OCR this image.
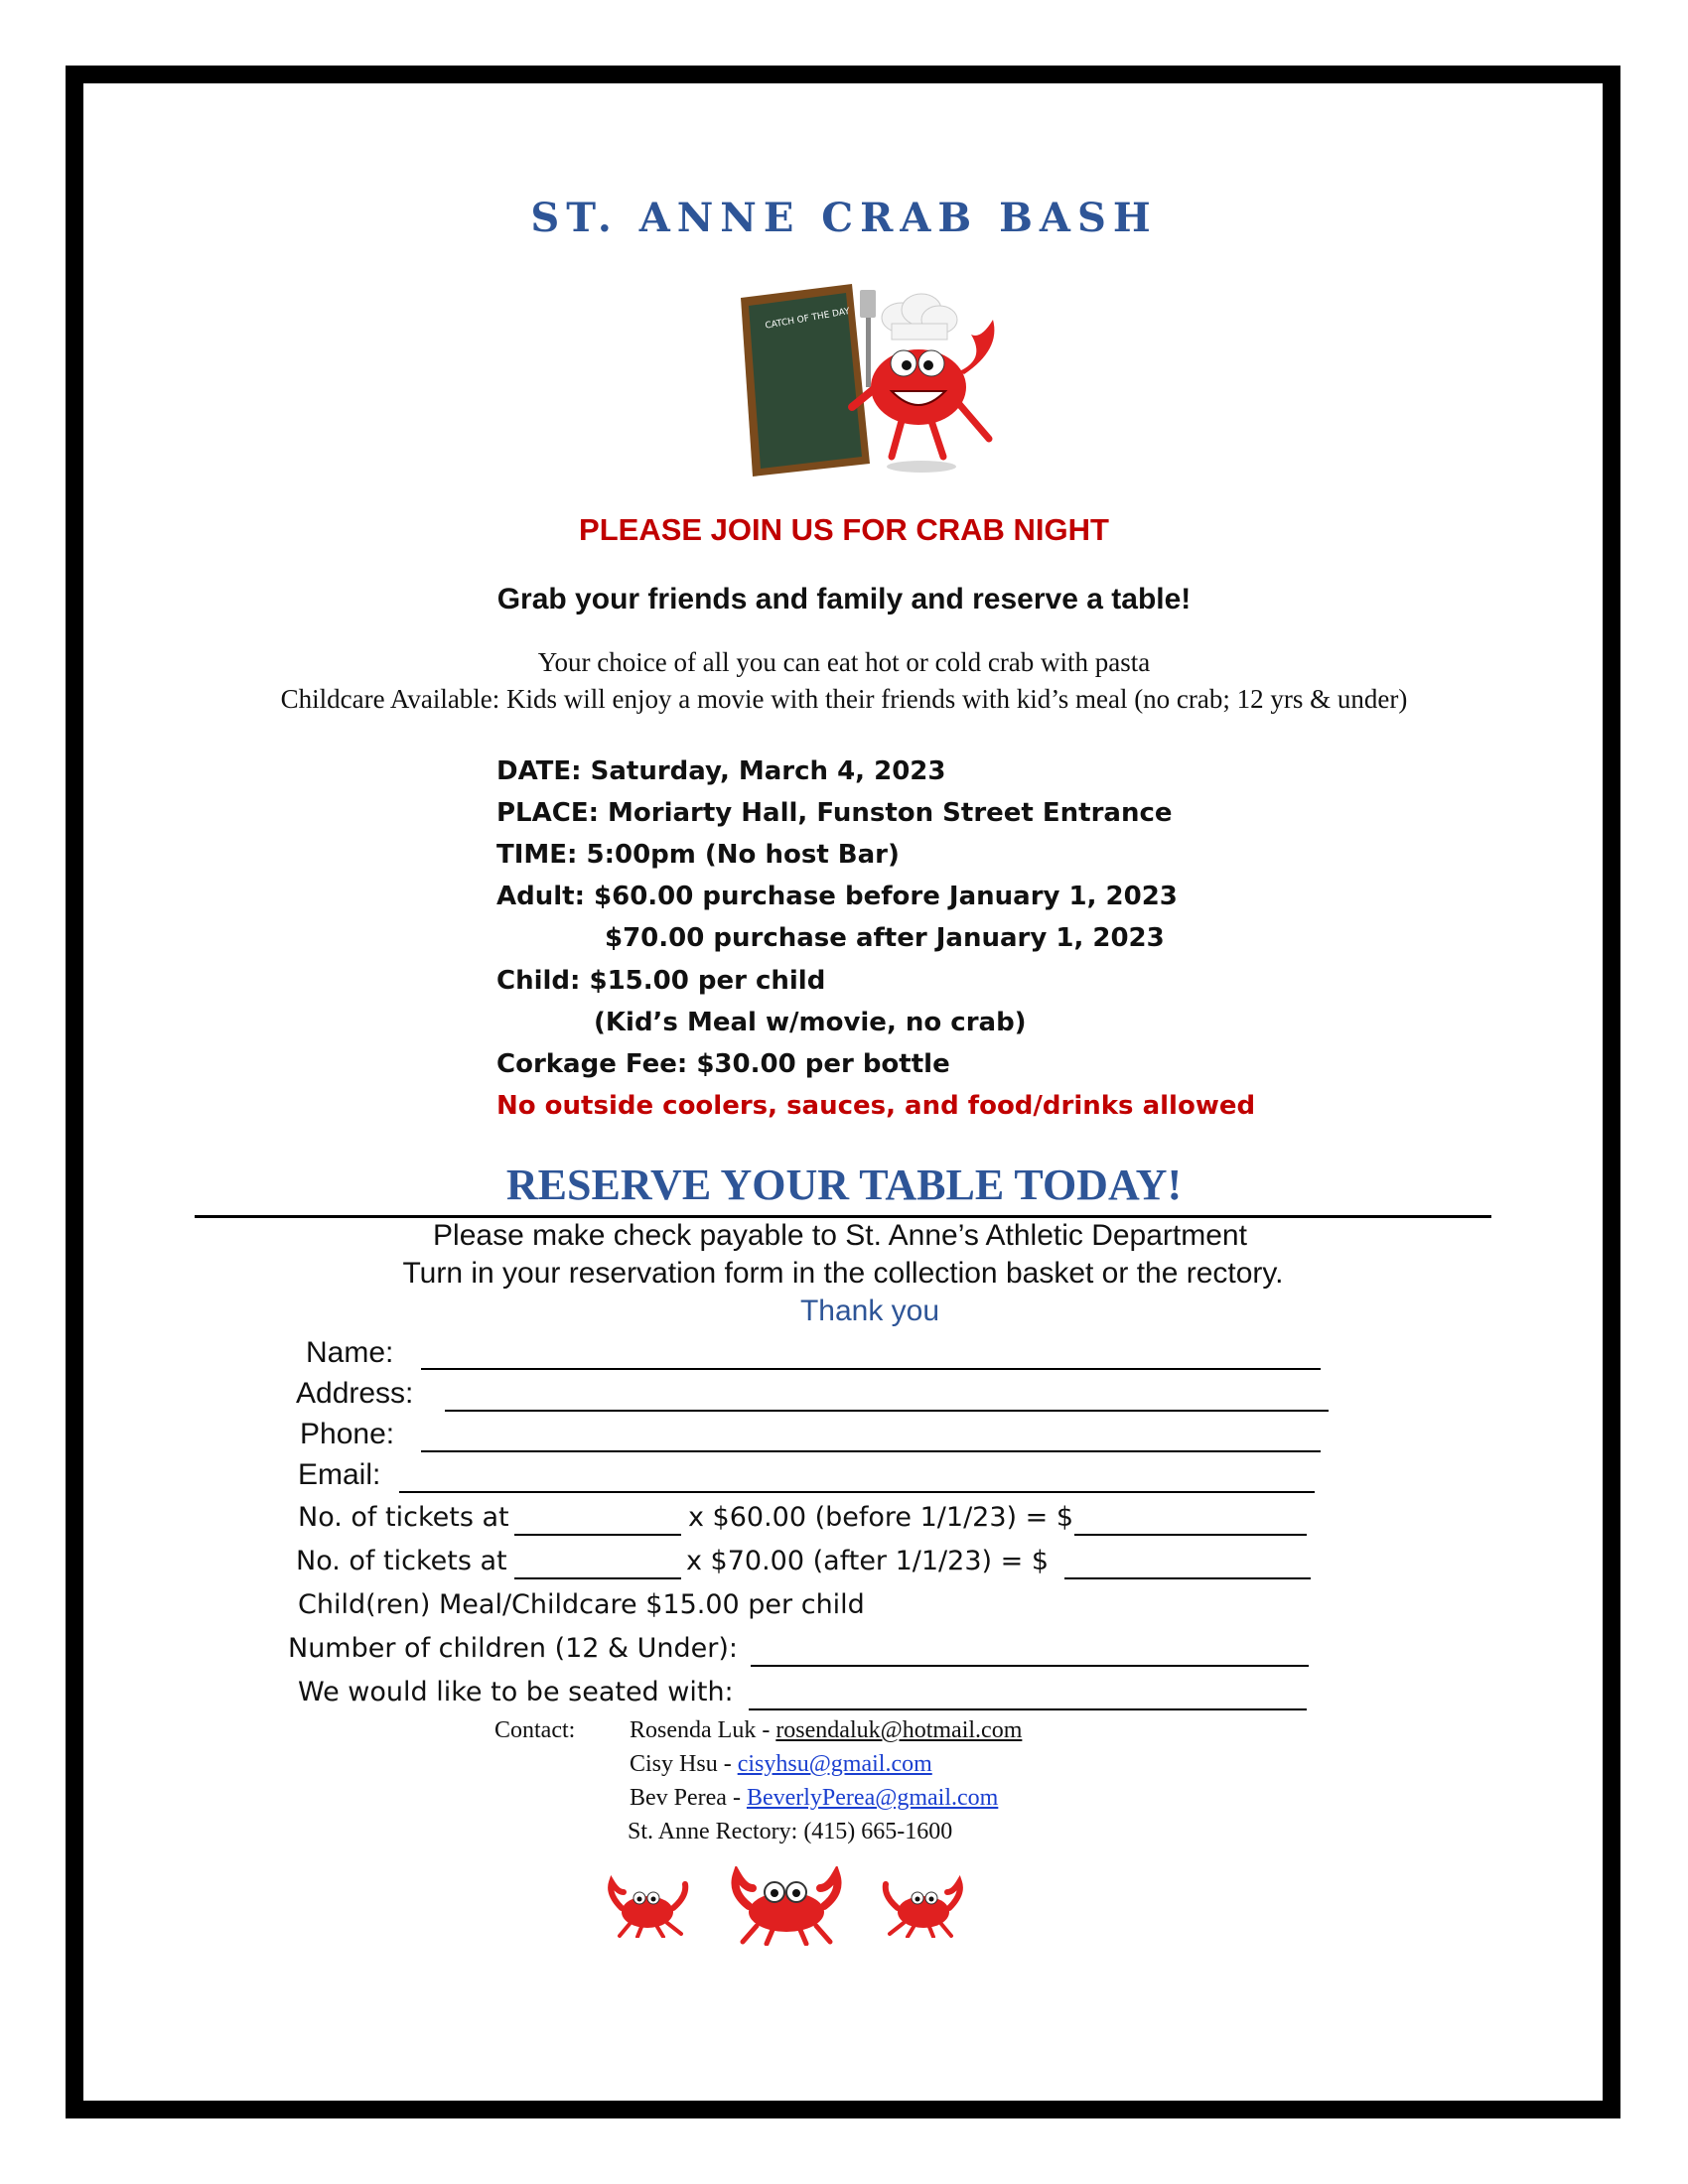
ST. ANNE CRAB BASH
CATCH OF THE DAY
PLEASE JOIN US FOR CRAB NIGHT
Grab your friends and family and reserve a table!
Your choice of all you can eat hot or cold crab with pasta
Childcare Available: Kids will enjoy a movie with their friends with kid’s meal (no crab; 12 yrs & under)
DATE: Saturday, March 4, 2023
PLACE: Moriarty Hall, Funston Street Entrance
TIME: 5:00pm (No host Bar)
Adult: $60.00 purchase before January 1, 2023
$70.00 purchase after January 1, 2023
Child: $15.00 per child
(Kid’s Meal w/movie, no crab)
Corkage Fee: $30.00 per bottle
No outside coolers, sauces, and food/drinks allowed
RESERVE YOUR TABLE TODAY!
Please make check payable to St. Anne’s Athletic Department
Turn in your reservation form in the collection basket or the rectory.
Thank you
Name:
Address:
Phone:
Email:
No. of tickets at	x $60.00 (before 1/1/23) = $
No. of tickets at	x $70.00 (after 1/1/23) = $
Child(ren) Meal/Childcare $15.00 per child
Number of children (12 & Under):
We would like to be seated with:
Contact: Rosenda Luk - rosendaluk@hotmail.com
Cisy Hsu - cisyhsu@gmail.com
Bev Perea - BeverlyPerea@gmail.com
St. Anne Rectory: (415) 665-1600
